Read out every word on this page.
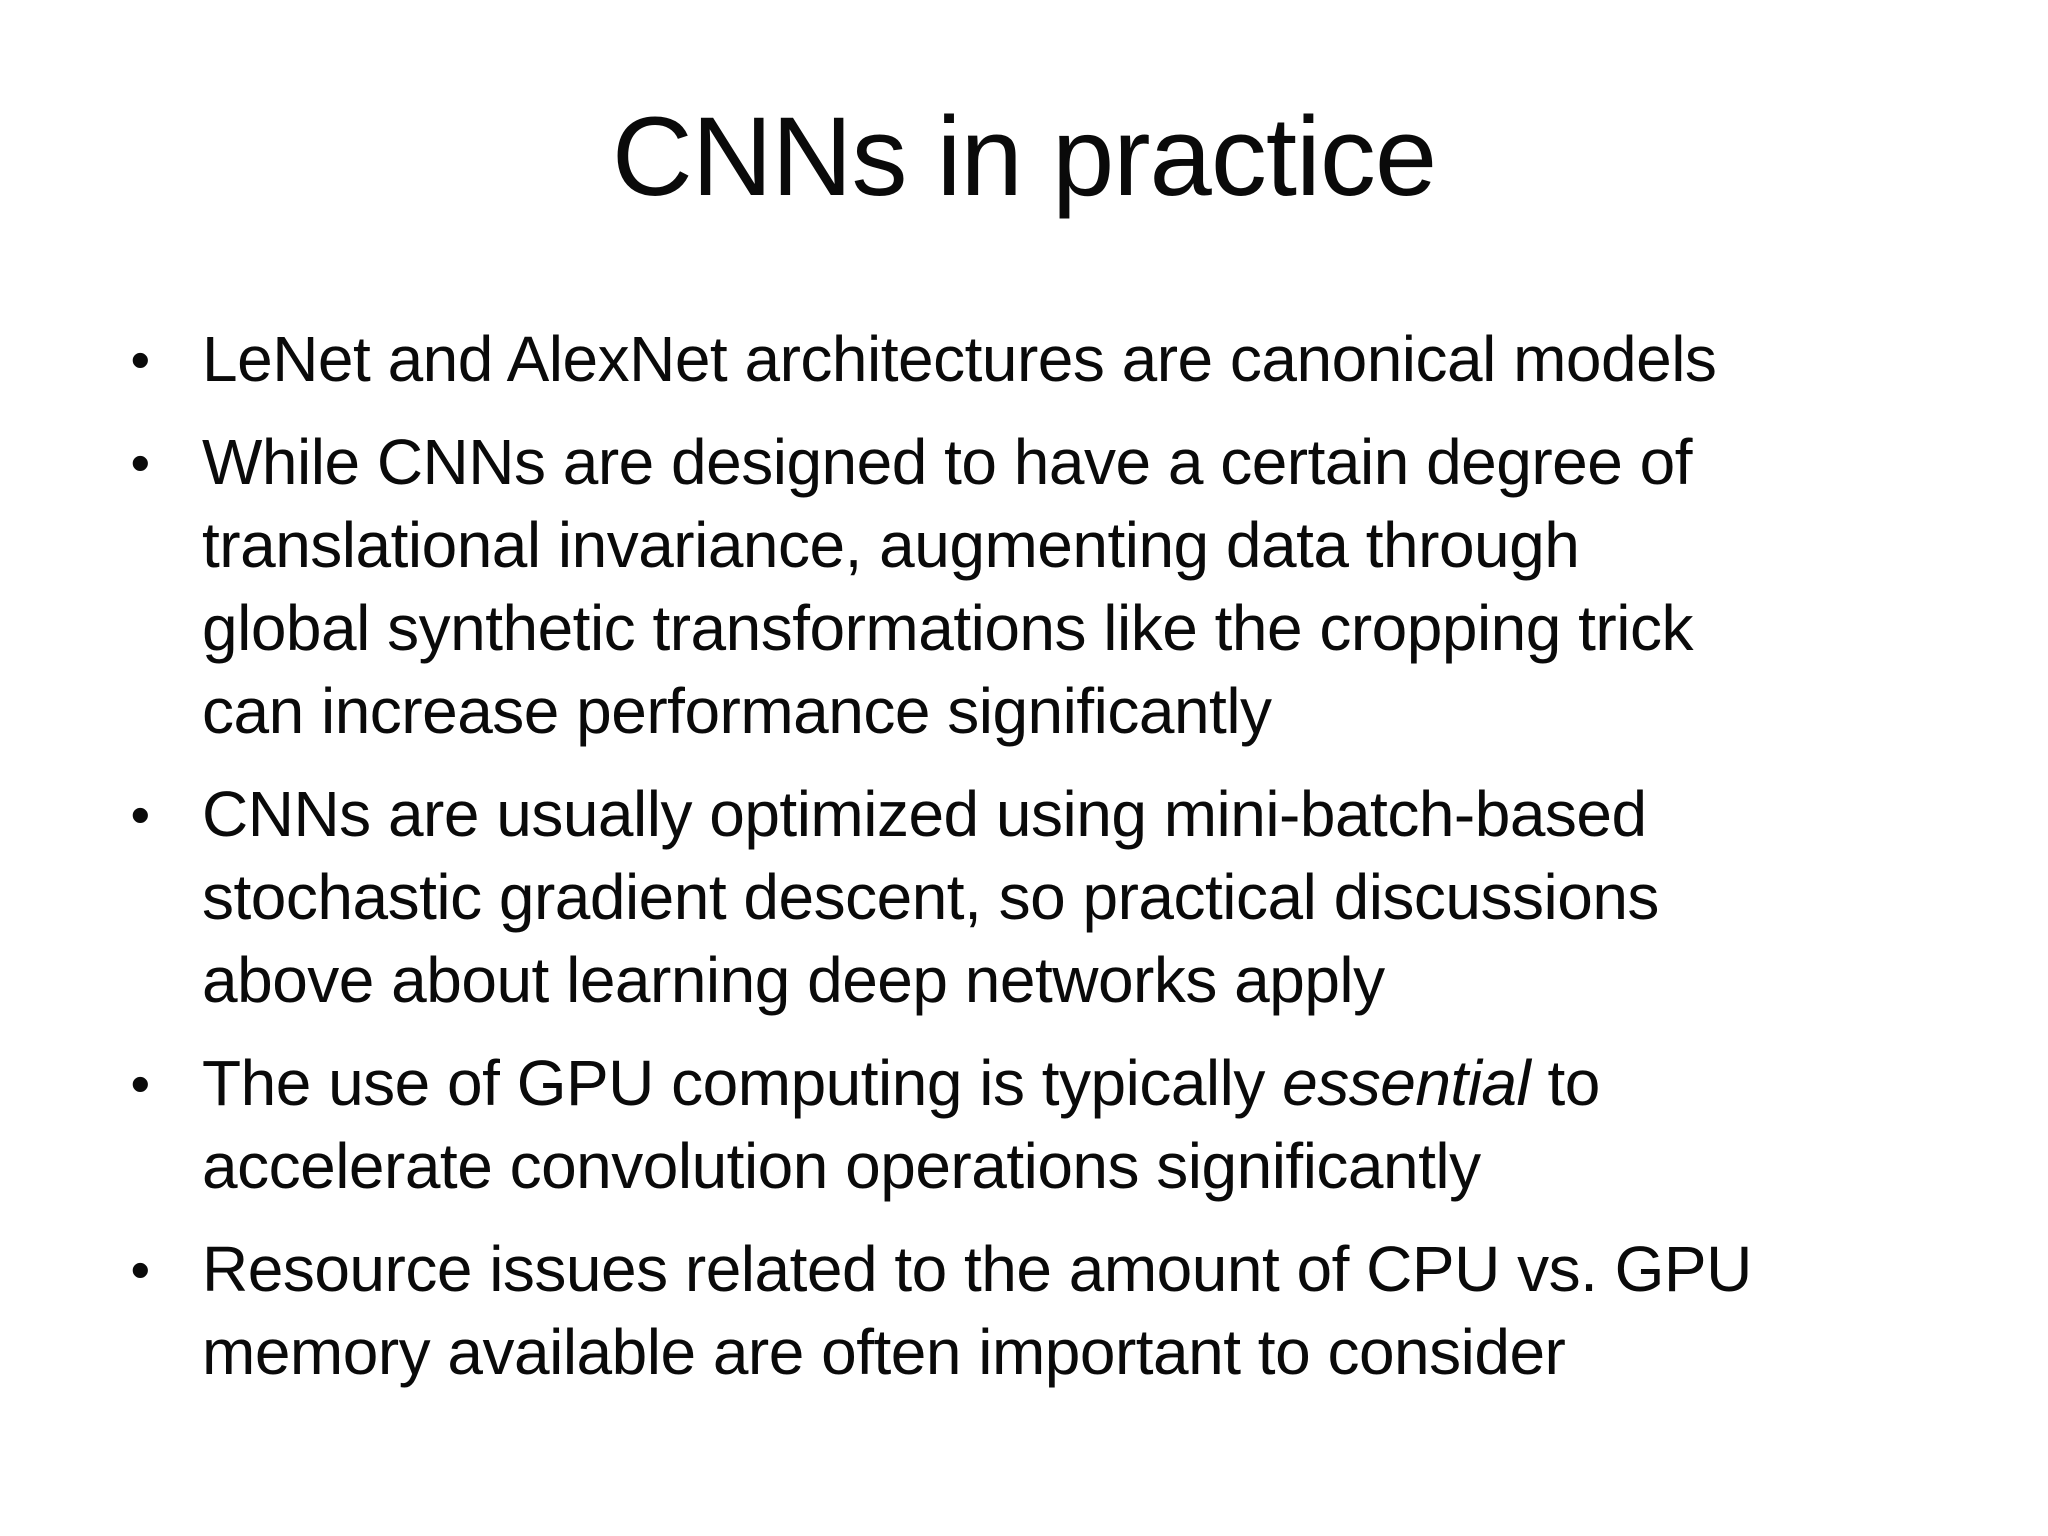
CNNs in practice
• LeNet and AlexNet architectures are canonical models
• While CNNs are designed to have a certain degree of
translational invariance, augmenting data through
global synthetic transformations like the cropping trick
can increase performance significantly
• CNNs are usually optimized using mini-batch-based
stochastic gradient descent, so practical discussions
above about learning deep networks apply
• The use of GPU computing is typically essential to
accelerate convolution operations significantly
• Resource issues related to the amount of CPU vs. GPU
memory available are often important to consider
